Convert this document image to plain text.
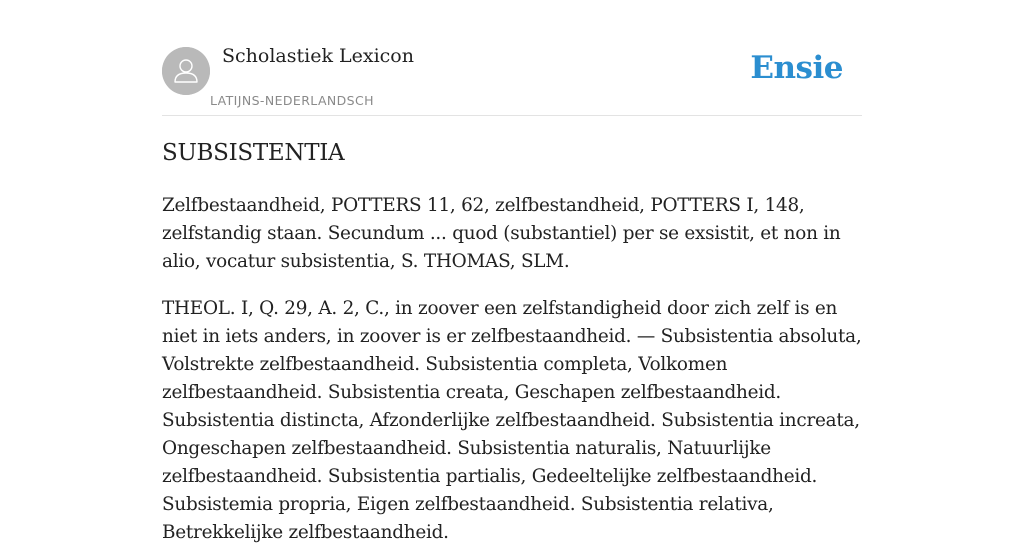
Scholastiek Lexicon
LATIJNS-NEDERLANDSCH
Ensie
SUBSISTENTIA

Zelfbestaandheid, POTTERS 11, 62, zelfbestandheid, POTTERS I, 148, zelfstandig staan. Secundum ... quod (substantiel) per se exsistit, et non in alio, vocatur subsistentia, S. THOMAS, SLM.

THEOL. I, Q. 29, A. 2, C., in zoover een zelfstandigheid door zich zelf is en niet in iets anders, in zoover is er zelfbestaandheid. — Subsistentia absoluta, Volstrekte zelfbestaandheid. Subsistentia completa, Volkomen zelfbestaandheid. Subsistentia creata, Geschapen zelfbestaandheid. Subsistentia distincta, Afzonderlijke zelfbestaandheid. Subsistentia increata, Ongeschapen zelfbestaandheid. Subsistentia naturalis, Natuurlijke zelfbestaandheid. Subsistentia partialis, Gedeeltelijke zelfbestaandheid. Subsistemia propria, Eigen zelfbestaandheid. Subsistentia relativa, Betrekkelijke zelfbestaandheid.
